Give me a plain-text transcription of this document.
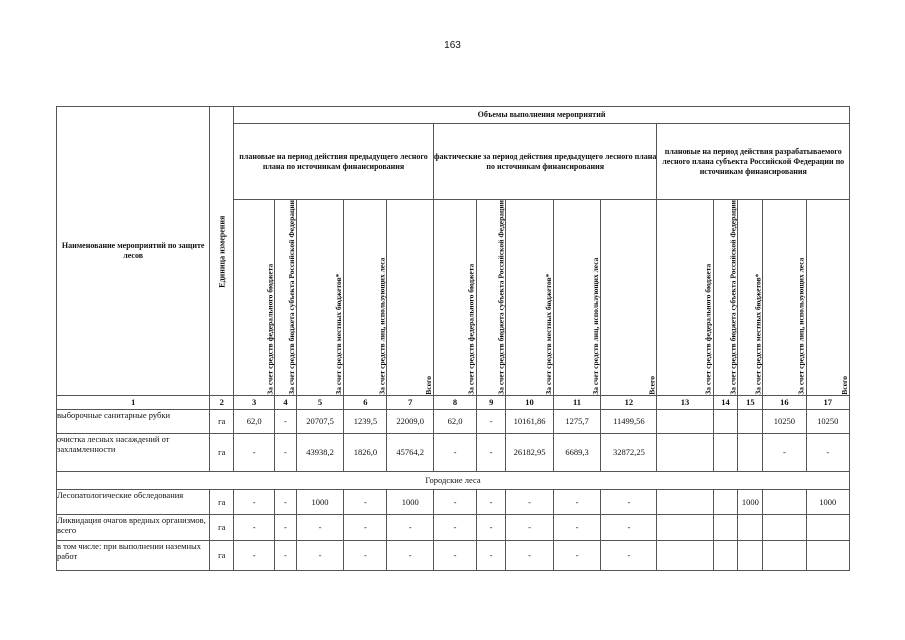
163
Наименование мероприятий по защите лесов	Единица измерения	Объемы выполнения мероприятий														
		плановые на период действия предыдущего лесного плана по источникам финансирования					фактические за период действия предыдущего лесного плана по источникам финансирования					плановые на период действия разрабатываемого лесного плана субъекта Российской Федерации по источникам финансирования				
		За счет средств федерального бюджета	За счет средств бюджета субъекта Российской Федерации	За счет средств местных бюджетов*	За счет средств лиц, использующих леса	Всего	За счет средств федерального бюджета	За счет средств бюджета субъекта Российской Федерации	За счет средств местных бюджетов*	За счет средств лиц, использующих леса	Всего	За счет средств федерального бюджета	За счет средств бюджета субъекта Российской Федерации	За счет средств местных бюджетов*	За счет средств лиц, использующих леса	Всего
1	2	3	4	5	6	7	8	9	10	11	12	13	14	15	16	17
выборочные санитарные рубки	га	62,0	-	20707,5	1239,5	22009,0	62,0	-	10161,86	1275,7	11499,56				10250	10250
очистка лесных насаждений от захламленности	га	-	-	43938,2	1826,0	45764,2	-	-	26182,95	6689,3	32872,25				-	-
Городские леса																
Лесопатологические обследования	га	-	-	1000	-	1000	-	-	-	-	-			1000		1000
Ликвидация очагов вредных организмов, всего	га	-	-	-	-	-	-	-	-	-	-					
в том числе: при выполнении наземных работ	га	-	-	-	-	-	-	-	-	-	-					
